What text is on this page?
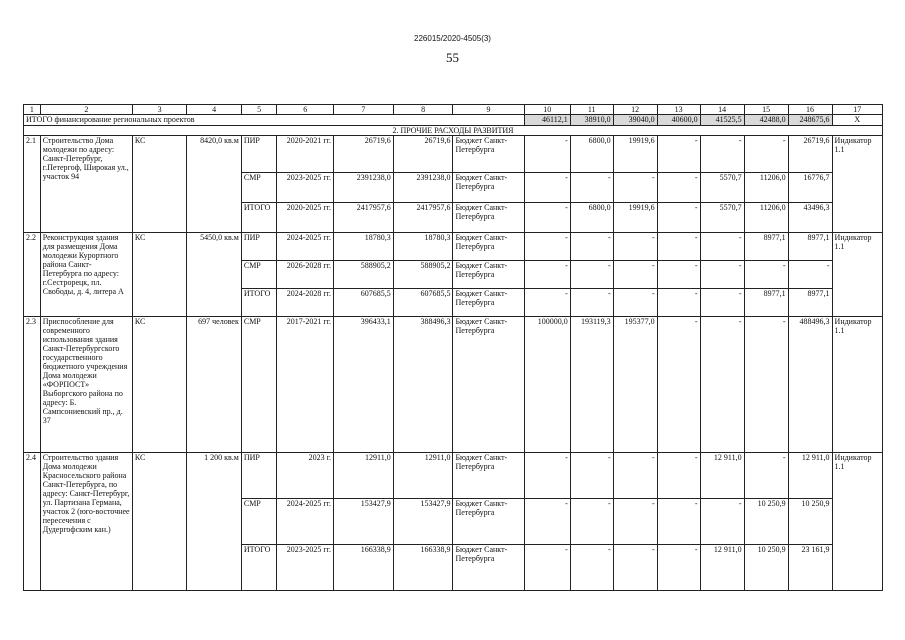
226015/2020-4505(3)
55
1	2	3	4	5	6	7	8	9	10	11	12	13	14	15	16	17
ИТОГО финансирование региональных проектов									46112,1	38910,0	39040,0	40600,0	41525,5	42488,0	248675,6	Х
2. ПРОЧИЕ РАСХОДЫ РАЗВИТИЯ																
2.1	Строительство Дома молодежи по адресу: Санкт-Петербург, г.Петергоф, Широкая ул., участок 94	КС	8420,0 кв.м	ПИР	2020-2021 гг.	26719,6	26719,6	Бюджет Санкт-Петербурга	-	6800,0	19919,6	-	-	-	26719,6	Индикатор 1.1
				СМР	2023-2025 гг.	2391238,0	2391238,0	Бюджет Санкт-Петербурга	-	-	-	-	5570,7	11206,0	16776,7	
				ИТОГО	2020-2025 гг.	2417957,6	2417957,6	Бюджет Санкт-Петербурга	-	6800,0	19919,6	-	5570,7	11206,0	43496,3	
2.2	Реконструкция здания для размещения Дома молодежи Курортного района Санкт-Петербурга по адресу: г.Сестрорецк, пл. Свободы, д. 4, литера А	КС	5450,0 кв.м	ПИР	2024-2025 гг.	18780,3	18780,3	Бюджет Санкт-Петербурга	-	-	-	-	-	8977,1	8977,1	Индикатор 1.1
				СМР	2026-2028 гг.	588905,2	588905,2	Бюджет Санкт-Петербурга	-	-	-	-	-	-	-	
				ИТОГО	2024-2028 гг.	607685,5	607685,5	Бюджет Санкт-Петербурга	-	-	-	-	-	8977,1	8977,1	
2.3	Приспособление для современного использования здания Санкт-Петербургского государственного бюджетного учреждения Дома молодежи «ФОРПОСТ» Выборгского района по адресу: Б. Сампсониевский пр., д. 37	КС	697 человек	СМР	2017-2021 гг.	396433,1	388496,3	Бюджет Санкт-Петербурга	100000,0	193119,3	195377,0	-	-	-	488496,3	Индикатор 1.1
2.4	Строительство здания Дома молодежи Красносельского района Санкт-Петербурга, по адресу: Санкт-Петербург, ул. Партизана Германа, участок 2 (юго-восточнее пересечения с Дудергофским кан.)	КС	1 200 кв.м	ПИР	2023 г.	12911,0	12911,0	Бюджет Санкт-Петербурга	-	-	-	-	12 911,0	-	12 911,0	Индикатор 1.1
				СМР	2024-2025 гг.	153427,9	153427,9	Бюджет Санкт-Петербурга	-	-	-	-	-	10 250,9	10 250,9	
				ИТОГО	2023-2025 гг.	166338,9	166338,9	Бюджет Санкт-Петербурга	-	-	-	-	12 911,0	10 250,9	23 161,9	
